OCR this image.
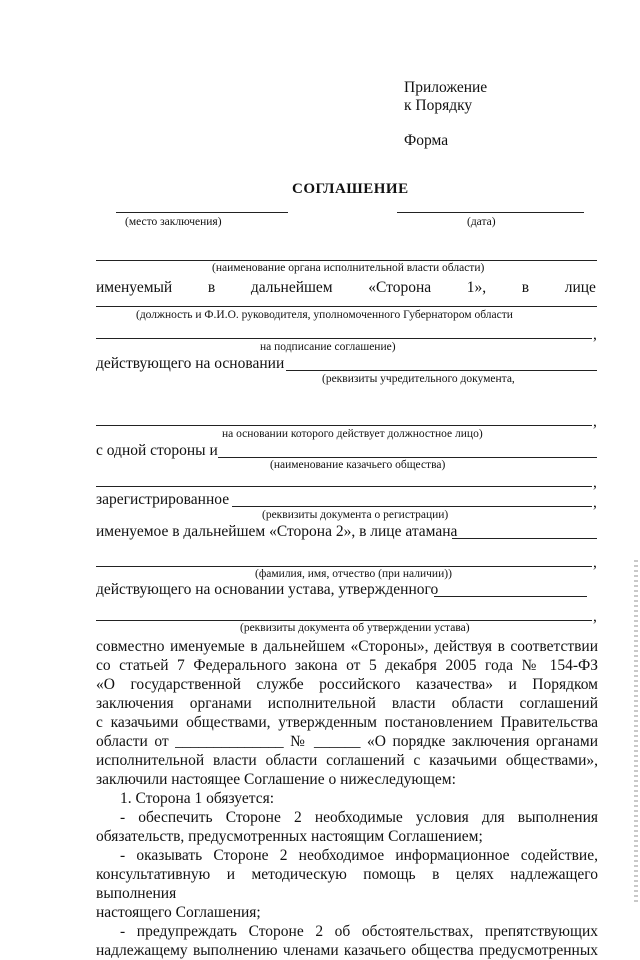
Приложение
к Порядку
Форма
СОГЛАШЕНИЕ
(место заключения)	(дата)
(наименование органа исполнительной власти области)
именуемый в дальнейшем «Сторона 1», в лице
(должность и Ф.И.О. руководителя, уполномоченного Губернатором области
,
на подписание соглашение)
действующего на основании
(реквизиты учредительного документа,
,
на основании которого действует должностное лицо)
с одной стороны и
(наименование казачьего общества)
,
зарегистрированное	,
(реквизиты документа о регистрации)
именуемое в дальнейшем «Сторона 2», в лице атамана
,
(фамилия, имя, отчество (при наличии))
действующего на основании устава, утвержденного
,
(реквизиты документа об утверждении устава)
совместно именуемые в дальнейшем «Стороны», действуя в соответствии
со статьей 7 Федерального закона от 5 декабря 2005 года № 154-ФЗ
«О государственной службе российского казачества» и Порядком
заключения органами исполнительной власти области соглашений
с казачьими обществами, утвержденным постановлением Правительства
области от ______________ № ______ «О порядке заключения органами
исполнительной власти области соглашений с казачьими обществами»,
заключили настоящее Соглашение о нижеследующем:
1. Сторона 1 обязуется:
- обеспечить Стороне 2 необходимые условия для выполнения
обязательств, предусмотренных настоящим Соглашением;
- оказывать Стороне 2 необходимое информационное содействие,
консультативную и методическую помощь в целях надлежащего выполнения
настоящего Соглашения;
- предупреждать Стороне 2 об обстоятельствах, препятствующих
надлежащему выполнению членами казачьего общества предусмотренных
